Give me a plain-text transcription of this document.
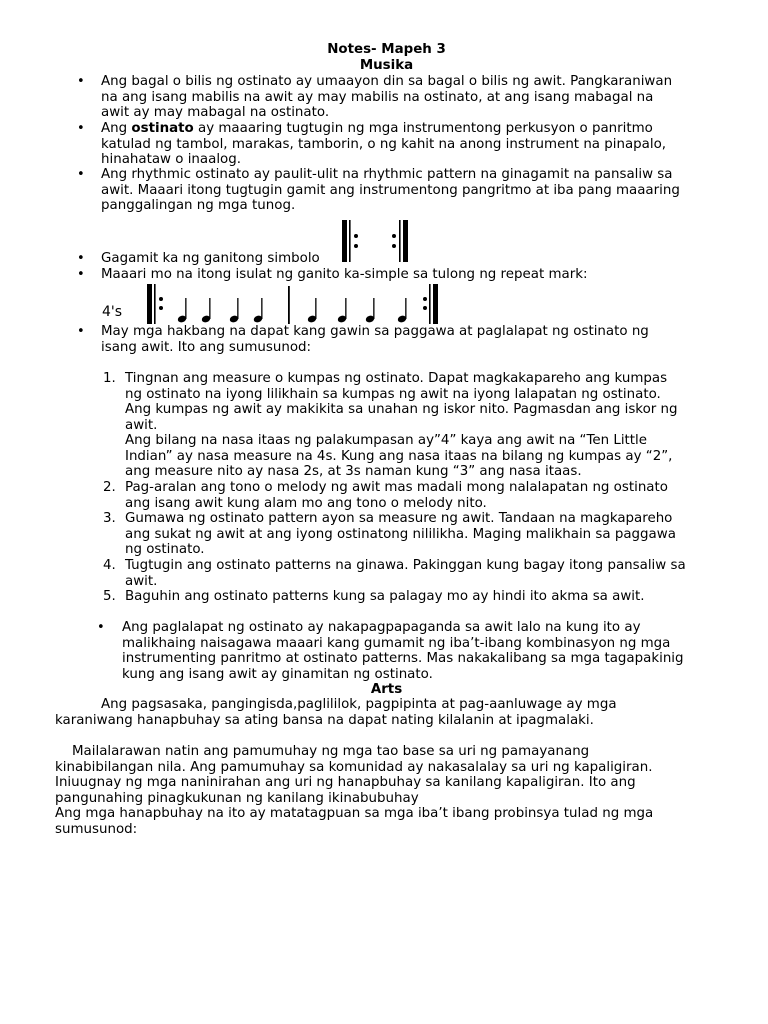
Notes- Mapeh 3
Musika
• Ang bagal o bilis ng ostinato ay umaayon din sa bagal o bilis ng awit. Pangkaraniwan
na ang isang mabilis na awit ay may mabilis na ostinato, at ang isang mabagal na
awit ay may mabagal na ostinato.
• Ang ostinato ay maaaring tugtugin ng mga instrumentong perkusyon o panritmo
katulad ng tambol, marakas, tamborin, o ng kahit na anong instrument na pinapalo,
hinahataw o inaalog.
• Ang rhythmic ostinato ay paulit-ulit na rhythmic pattern na ginagamit na pansaliw sa
awit. Maaari itong tugtugin gamit ang instrumentong pangritmo at iba pang maaaring
panggalingan ng mga tunog.
• Gagamit ka ng ganitong simbolo
• Maaari mo na itong isulat ng ganito ka-simple sa tulong ng repeat mark:
4's
• May mga hakbang na dapat kang gawin sa paggawa at paglalapat ng ostinato ng
isang awit. Ito ang sumusunod:
1. Tingnan ang measure o kumpas ng ostinato. Dapat magkakapareho ang kumpas
ng ostinato na iyong lilikhain sa kumpas ng awit na iyong lalapatan ng ostinato.
Ang kumpas ng awit ay makikita sa unahan ng iskor nito. Pagmasdan ang iskor ng
awit.
Ang bilang na nasa itaas ng palakumpasan ay”4” kaya ang awit na “Ten Little
Indian” ay nasa measure na 4s. Kung ang nasa itaas na bilang ng kumpas ay “2”,
ang measure nito ay nasa 2s, at 3s naman kung “3” ang nasa itaas.
2. Pag-aralan ang tono o melody ng awit mas madali mong nalalapatan ng ostinato
ang isang awit kung alam mo ang tono o melody nito.
3. Gumawa ng ostinato pattern ayon sa measure ng awit. Tandaan na magkapareho
ang sukat ng awit at ang iyong ostinatong nililikha. Maging malikhain sa paggawa
ng ostinato.
4. Tugtugin ang ostinato patterns na ginawa. Pakinggan kung bagay itong pansaliw sa
awit.
5. Baguhin ang ostinato patterns kung sa palagay mo ay hindi ito akma sa awit.
• Ang paglalapat ng ostinato ay nakapagpapaganda sa awit lalo na kung ito ay
malikhaing naisagawa maaari kang gumamit ng iba’t-ibang kombinasyon ng mga
instrumenting panritmo at ostinato patterns. Mas nakakalibang sa mga tagapakinig
kung ang isang awit ay ginamitan ng ostinato.
Arts
Ang pagsasaka, pangingisda,paglililok, pagpipinta at pag-aanluwage ay mga
karaniwang hanapbuhay sa ating bansa na dapat nating kilalanin at ipagmalaki.
Mailalarawan natin ang pamumuhay ng mga tao base sa uri ng pamayanang
kinabibilangan nila. Ang pamumuhay sa komunidad ay nakasalalay sa uri ng kapaligiran.
Iniuugnay ng mga naninirahan ang uri ng hanapbuhay sa kanilang kapaligiran. Ito ang
pangunahing pinagkukunan ng kanilang ikinabubuhay
Ang mga hanapbuhay na ito ay matatagpuan sa mga iba’t ibang probinsya tulad ng mga
sumusunod:
